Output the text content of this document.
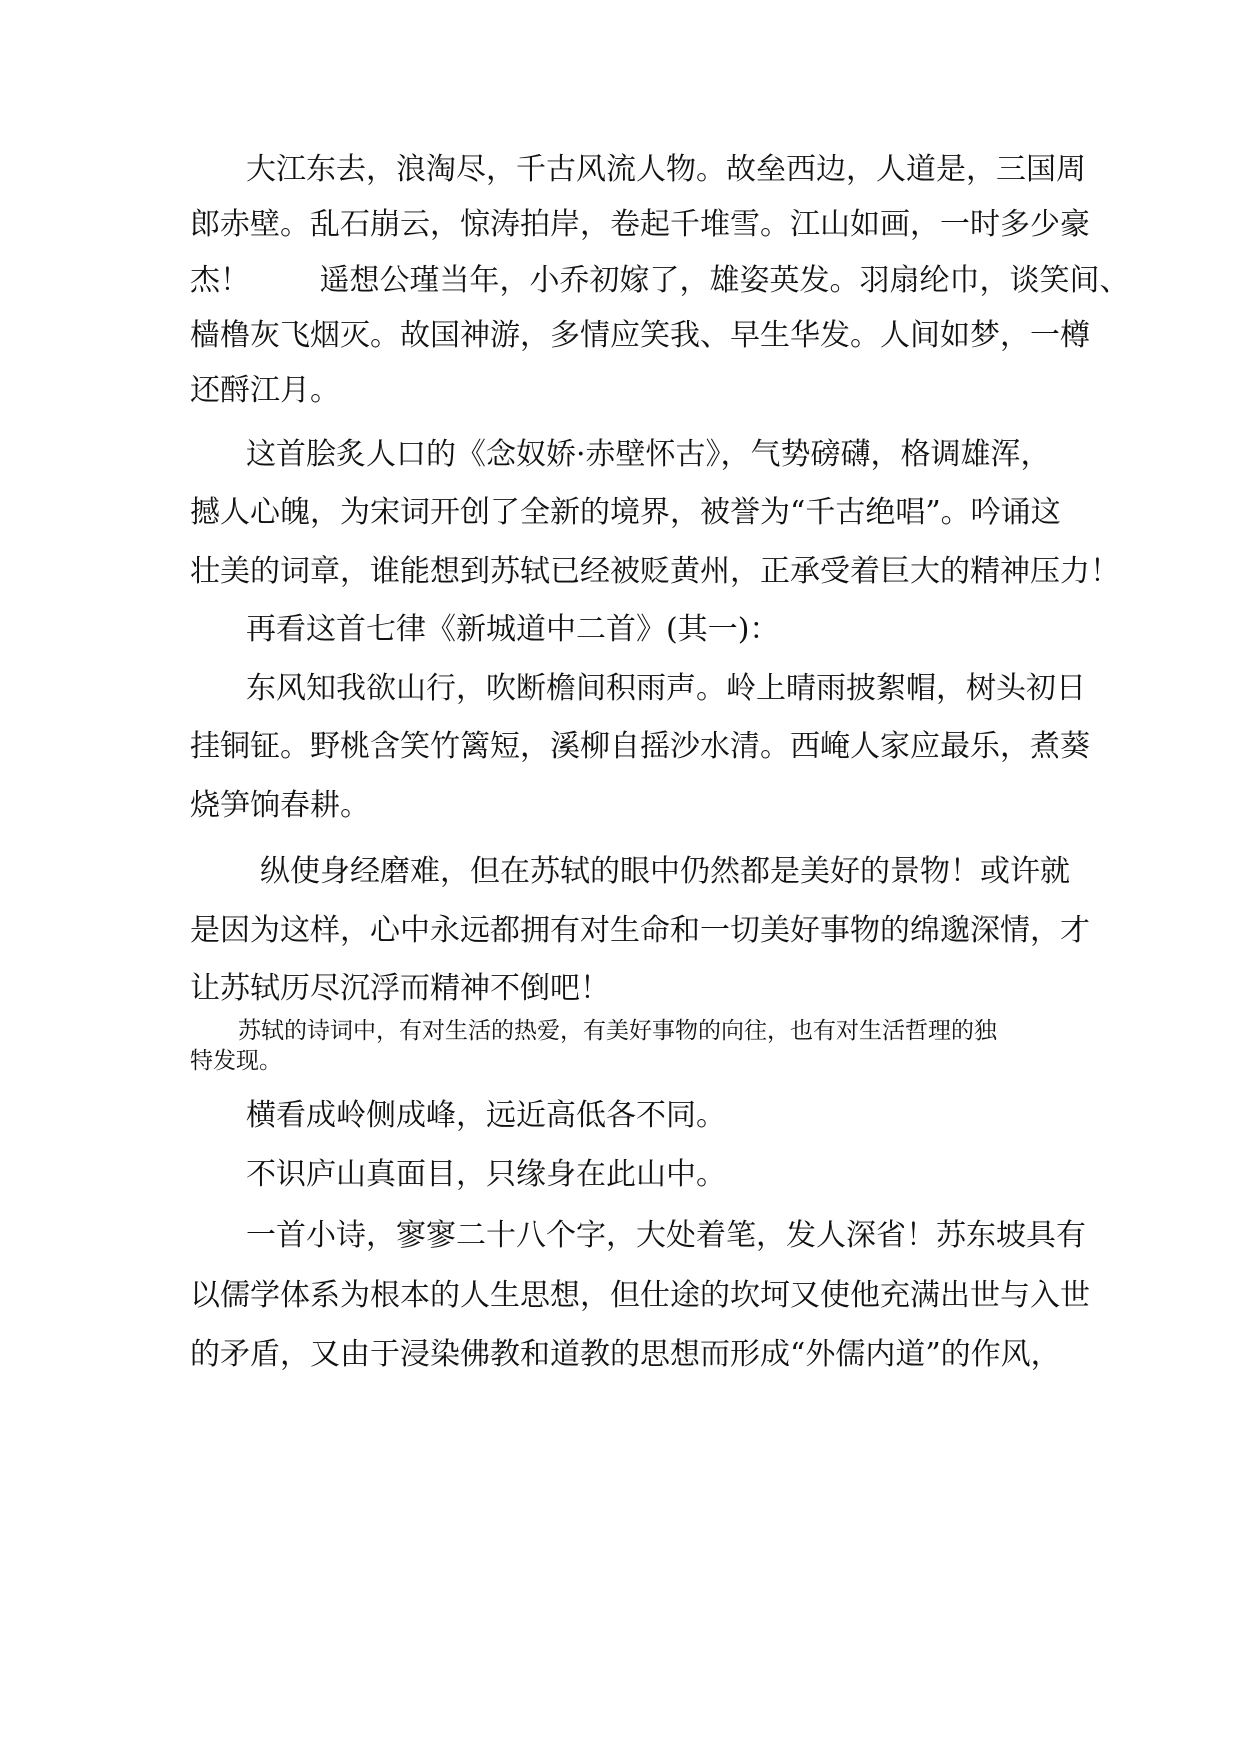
大江东去，浪淘尽，千古风流人物。故垒西边，人道是，三国周
郎赤壁。乱石崩云，惊涛拍岸，卷起千堆雪。江山如画，一时多少豪
杰！　　 遥想公瑾当年，小乔初嫁了，雄姿英发。羽扇纶巾，谈笑间、
樯橹灰飞烟灭。故国神游，多情应笑我、早生华发。人间如梦，一樽
还酹江月。
这首脍炙人口的《念奴娇·赤壁怀古》，气势磅礴，格调雄浑，
撼人心魄，为宋词开创了全新的境界，被誉为“千古绝唱”。吟诵这
壮美的词章，谁能想到苏轼已经被贬黄州，正承受着巨大的精神压力！
再看这首七律《新城道中二首》(其一)：
东风知我欲山行，吹断檐间积雨声。岭上晴雨披絮帽，树头初日
挂铜钲。野桃含笑竹篱短，溪柳自摇沙水清。西崦人家应最乐，煮葵
烧笋饷春耕。
纵使身经磨难，但在苏轼的眼中仍然都是美好的景物！或许就
是因为这样，心中永远都拥有对生命和一切美好事物的绵邈深情，才
让苏轼历尽沉浮而精神不倒吧！
苏轼的诗词中，有对生活的热爱，有美好事物的向往，也有对生活哲理的独
特发现。
横看成岭侧成峰，远近高低各不同。
不识庐山真面目，只缘身在此山中。
一首小诗，寥寥二十八个字，大处着笔，发人深省！苏东坡具有
以儒学体系为根本的人生思想，但仕途的坎坷又使他充满出世与入世
的矛盾，又由于浸染佛教和道教的思想而形成“外儒内道”的作风，
